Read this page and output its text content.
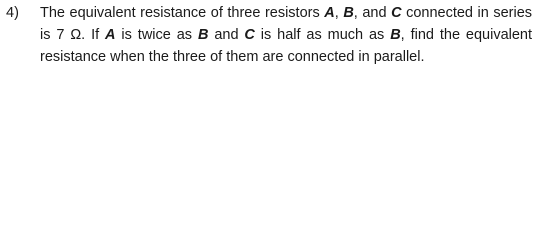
4)	The equivalent resistance of three resistors A, B, and C connected in series is 7 Ω. If A is twice as B and C is half as much as B, find the equivalent resistance when the three of them are connected in parallel.
